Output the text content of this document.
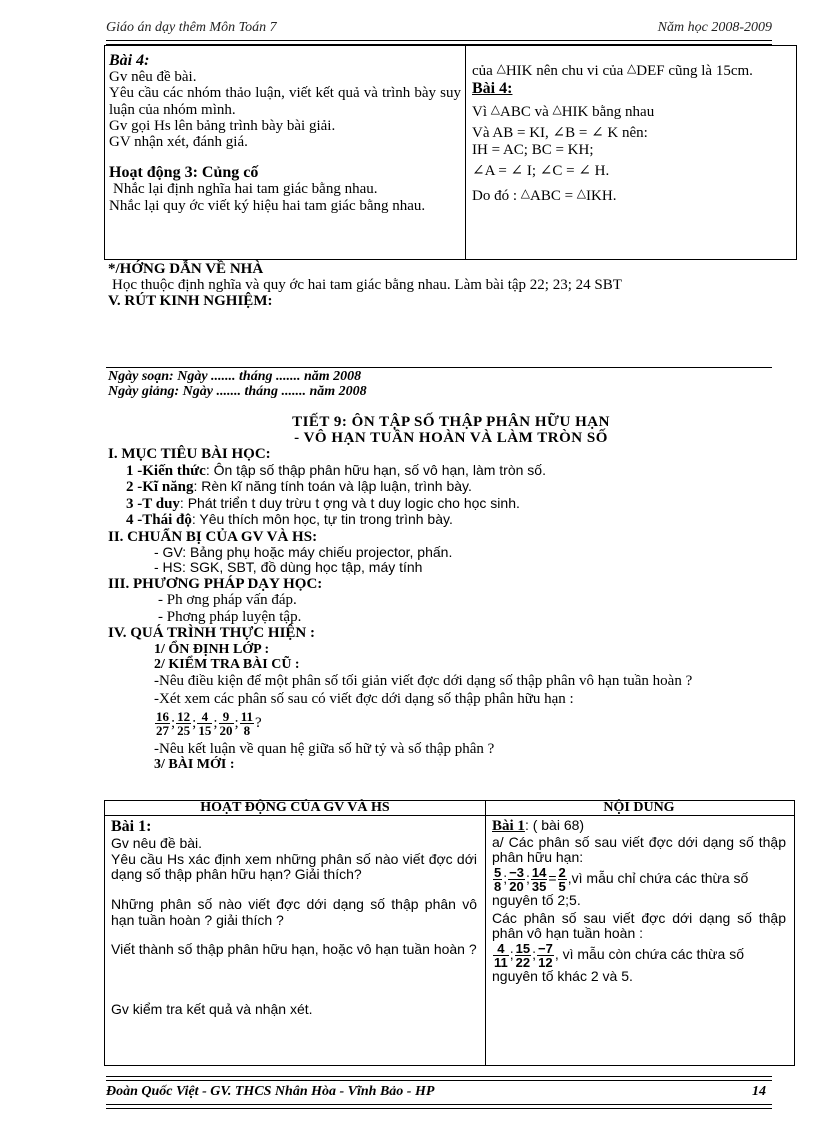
Giáo án dạy thêm Môn Toán 7	Năm học 2008-2009

Bài 4:

Gv nêu đề bài.

Yêu cầu các nhóm thảo luận, viết kết quả và trình bày suy luận của nhóm mình.

Gv gọi Hs lên bảng trình bày bài giải.

GV nhận xét, đánh giá.

Hoạt động 3: Củng cố

Nhắc lại định nghĩa hai tam giác bằng nhau.

Nhắc lại quy ớc viết ký hiệu hai tam giác bằng nhau.

của △HIK nên chu vi của △DEF cũng là 15cm.

Bài 4:

Vì △ABC và △HIK bằng nhau

Và AB = KI, ∠B = ∠ K nên:

IH = AC; BC = KH;

∠A = ∠ I; ∠C = ∠ H.

Do đó : △ABC = △IKH.

*/HỚNG DẪN VỀ NHÀ

Học thuộc định nghĩa và quy ớc hai tam giác bằng nhau. Làm bài tập 22; 23; 24 SBT

V. RÚT KINH NGHIỆM:

Ngày soạn: Ngày ....... tháng ....... năm 2008

Ngày giảng: Ngày ....... tháng ....... năm 2008

TIẾT 9: ÔN TẬP SỐ THẬP PHÂN HỮU HẠN

- VÔ HẠN TUẦN HOÀN VÀ LÀM TRÒN SỐ

I. MỤC TIÊU BÀI HỌC:

1 -Kiến thức: Ôn tập số thập phân hữu hạn, số vô hạn, làm tròn số.

2 -Kĩ năng: Rèn kĩ năng tính toán và lập luận, trình bày.

3 -T duy: Phát triển t duy trừu t ợng và t duy logic cho học sinh.

4 -Thái độ: Yêu thích môn học, tự tin trong trình bày.

II. CHUẨN BỊ CỦA GV VÀ HS:

- GV: Bảng phụ hoặc máy chiếu projector, phấn.

- HS: SGK, SBT, đồ dùng học tập, máy tính

III. PHƯƠNG PHÁP DẠY HỌC:

- Ph ơng pháp vấn đáp.

- Phơng pháp luyện tập.

IV. QUÁ TRÌNH THỰC HIỆN :

1/ ỔN ĐỊNH LỚP :

2/ KIỂM TRA BÀI CŨ :

-Nêu điều kiện để một phân số tối giản viết đợc dới dạng số thập phân vô hạn tuần hoàn ?

-Xét xem các phân số sau có viết đợc dới dạng số thập phân hữu hạn :

$\frac{16}{27}$ ; $\frac{12}{25}$ ; $\frac{4}{15}$ ; $\frac{9}{20}$ ; $\frac{11}{8}$ ?

-Nêu kết luận về quan hệ giữa số hữ tỷ và số thập phân ?

3/ BÀI MỚI :

HOẠT ĐỘNG CỦA GV VÀ HS

Bài 1:

Gv nêu đề bài.

Yêu cầu Hs xác định xem những phân số nào viết đợc dới dạng số thập phân hữu hạn? Giải thích?

Những phân số nào viết đợc dới dạng số thập phân vô hạn tuần hoàn ? giải thích ?

Viết thành số thập phân hữu hạn, hoặc vô hạn tuần hoàn ?

Gv kiểm tra kết quả và nhận xét.

NỘI DUNG

Bài 1: ( bài 68)

a/ Các phân số sau viết đợc dới dạng số thập phân hữu hạn:

$\frac{5}{8}$ ; $\frac{-3}{20}$ ; $\frac{14}{35} = \frac{2}{5}$ ,vì mẫu chỉ chứa các thừa số nguyên tố 2;5.

Các phân số sau viết đợc dới dạng số thập phân vô hạn tuần hoàn :

$\frac{4}{11}$ ; $\frac{15}{22}$ ; $\frac{-7}{12}$ , vì mẫu còn chứa các thừa số nguyên tố khác 2 và 5.

Đoàn Quốc Việt - GV. THCS Nhân Hòa - Vĩnh Bảo - HP	14
